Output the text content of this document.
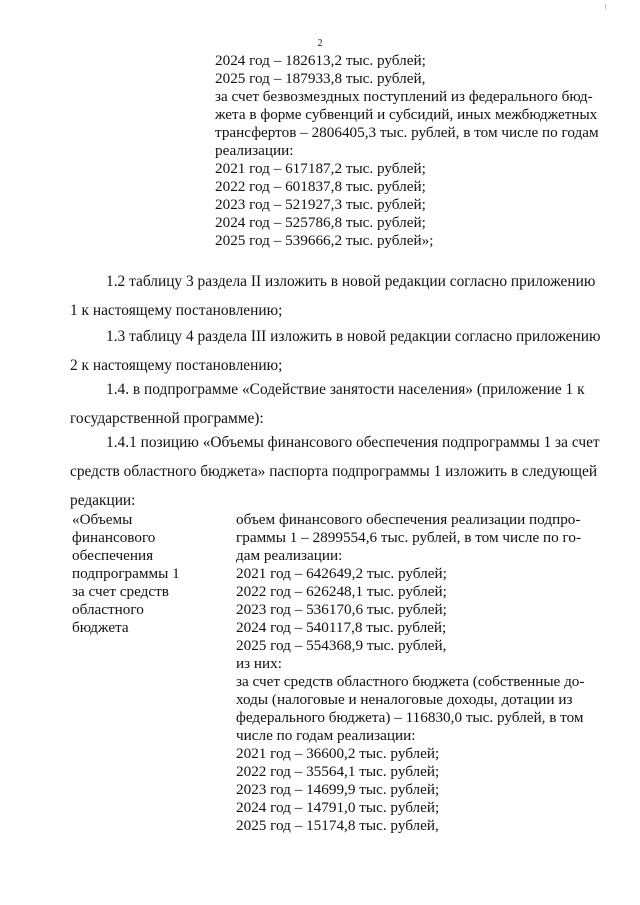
2
2024 год – 182613,2 тыс. рублей;
2025 год – 187933,8 тыс. рублей,
за счет безвозмездных поступлений из федерального бюд-
жета в форме субвенций и субсидий, иных межбюджетных
трансфертов – 2806405,3 тыс. рублей, в том числе по годам
реализации:
2021 год – 617187,2 тыс. рублей;
2022 год – 601837,8 тыс. рублей;
2023 год – 521927,3 тыс. рублей;
2024 год – 525786,8 тыс. рублей;
2025 год – 539666,2 тыс. рублей»;
1.2 таблицу 3 раздела II изложить в новой редакции согласно приложению
1 к настоящему постановлению;
1.3 таблицу 4 раздела III изложить в новой редакции согласно приложению
2 к настоящему постановлению;
1.4. в подпрограмме «Содействие занятости населения» (приложение 1 к
государственной программе):
1.4.1 позицию «Объемы финансового обеспечения подпрограммы 1 за счет
средств областного бюджета» паспорта подпрограммы 1 изложить в следующей
редакции:
«Объемы
финансового
обеспечения
подпрограммы 1
за счет средств
областного
бюджета
объем финансового обеспечения реализации подпро-
граммы 1 – 2899554,6 тыс. рублей, в том числе по го-
дам реализации:
2021 год – 642649,2 тыс. рублей;
2022 год – 626248,1 тыс. рублей;
2023 год – 536170,6 тыс. рублей;
2024 год – 540117,8 тыс. рублей;
2025 год – 554368,9 тыс. рублей,
из них:
за счет средств областного бюджета (собственные до-
ходы (налоговые и неналоговые доходы, дотации из
федерального бюджета) – 116830,0 тыс. рублей, в том
числе по годам реализации:
2021 год – 36600,2 тыс. рублей;
2022 год – 35564,1 тыс. рублей;
2023 год – 14699,9 тыс. рублей;
2024 год – 14791,0 тыс. рублей;
2025 год – 15174,8 тыс. рублей,
